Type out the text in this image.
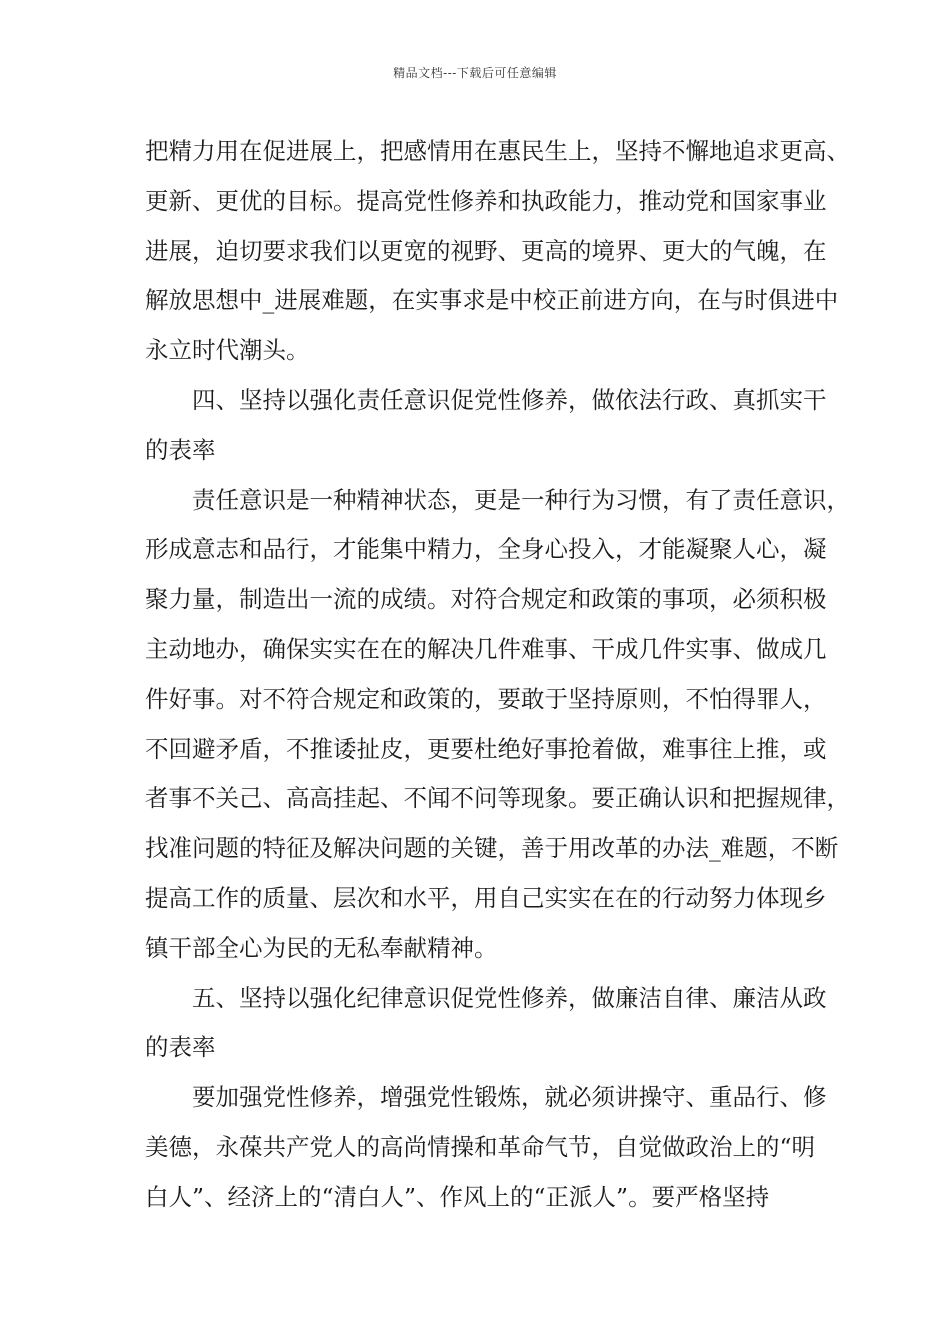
精品文档---下载后可任意编辑
把精力用在促进展上，把感情用在惠民生上，坚持不懈地追求更高、
更新、更优的目标。提高党性修养和执政能力，推动党和国家事业
进展，迫切要求我们以更宽的视野、更高的境界、更大的气魄，在
解放思想中_进展难题，在实事求是中校正前进方向，在与时俱进中
永立时代潮头。
四、坚持以强化责任意识促党性修养，做依法行政、真抓实干
的表率
责任意识是一种精神状态，更是一种行为习惯，有了责任意识，
形成意志和品行，才能集中精力，全身心投入，才能凝聚人心，凝
聚力量，制造出一流的成绩。对符合规定和政策的事项，必须积极
主动地办，确保实实在在的解决几件难事、干成几件实事、做成几
件好事。对不符合规定和政策的，要敢于坚持原则，不怕得罪人，
不回避矛盾，不推诿扯皮，更要杜绝好事抢着做，难事往上推，或
者事不关己、高高挂起、不闻不问等现象。要正确认识和把握规律，
找准问题的特征及解决问题的关键，善于用改革的办法_难题，不断
提高工作的质量、层次和水平，用自己实实在在的行动努力体现乡
镇干部全心为民的无私奉献精神。
五、坚持以强化纪律意识促党性修养，做廉洁自律、廉洁从政
的表率
要加强党性修养，增强党性锻炼，就必须讲操守、重品行、修
美德，永葆共产党人的高尚情操和革命气节，自觉做政治上的“明
白人”、经济上的“清白人”、作风上的“正派人”。要严格坚持
